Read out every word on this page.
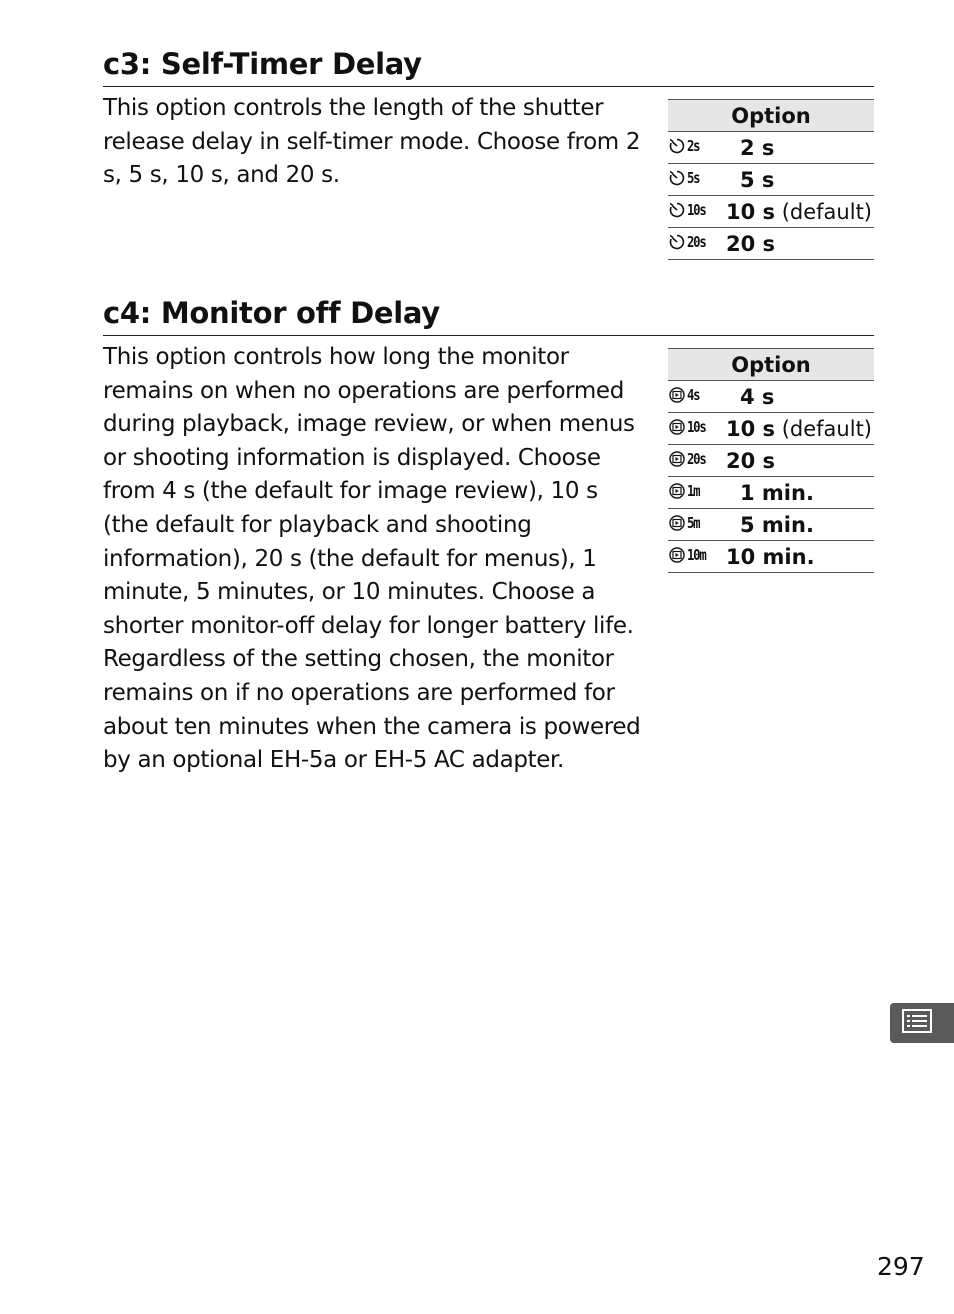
c3: Self-Timer Delay
This option controls the length of the shutter release delay in self-timer mode. Choose from 2 s, 5 s, 10 s, and 20 s.
Option	

2s	2 s

5s	5 s

10s	10 s (default)

20s	20 s
c4: Monitor off Delay
This option controls how long the monitor remains on when no operations are performed during playback, image review, or when menus or shooting information is displayed. Choose from 4 s (the default for image review), 10 s (the default for playback and shooting information), 20 s (the default for menus), 1 minute, 5 minutes, or 10 minutes. Choose a shorter monitor-off delay for longer battery life. Regardless of the setting chosen, the monitor remains on if no operations are performed for about ten minutes when the camera is powered by an optional EH-5a or EH-5 AC adapter.
Option	

4s	4 s

10s	10 s (default)

20s	20 s

1m	1 min.

5m	5 min.

10m	10 min.
297
